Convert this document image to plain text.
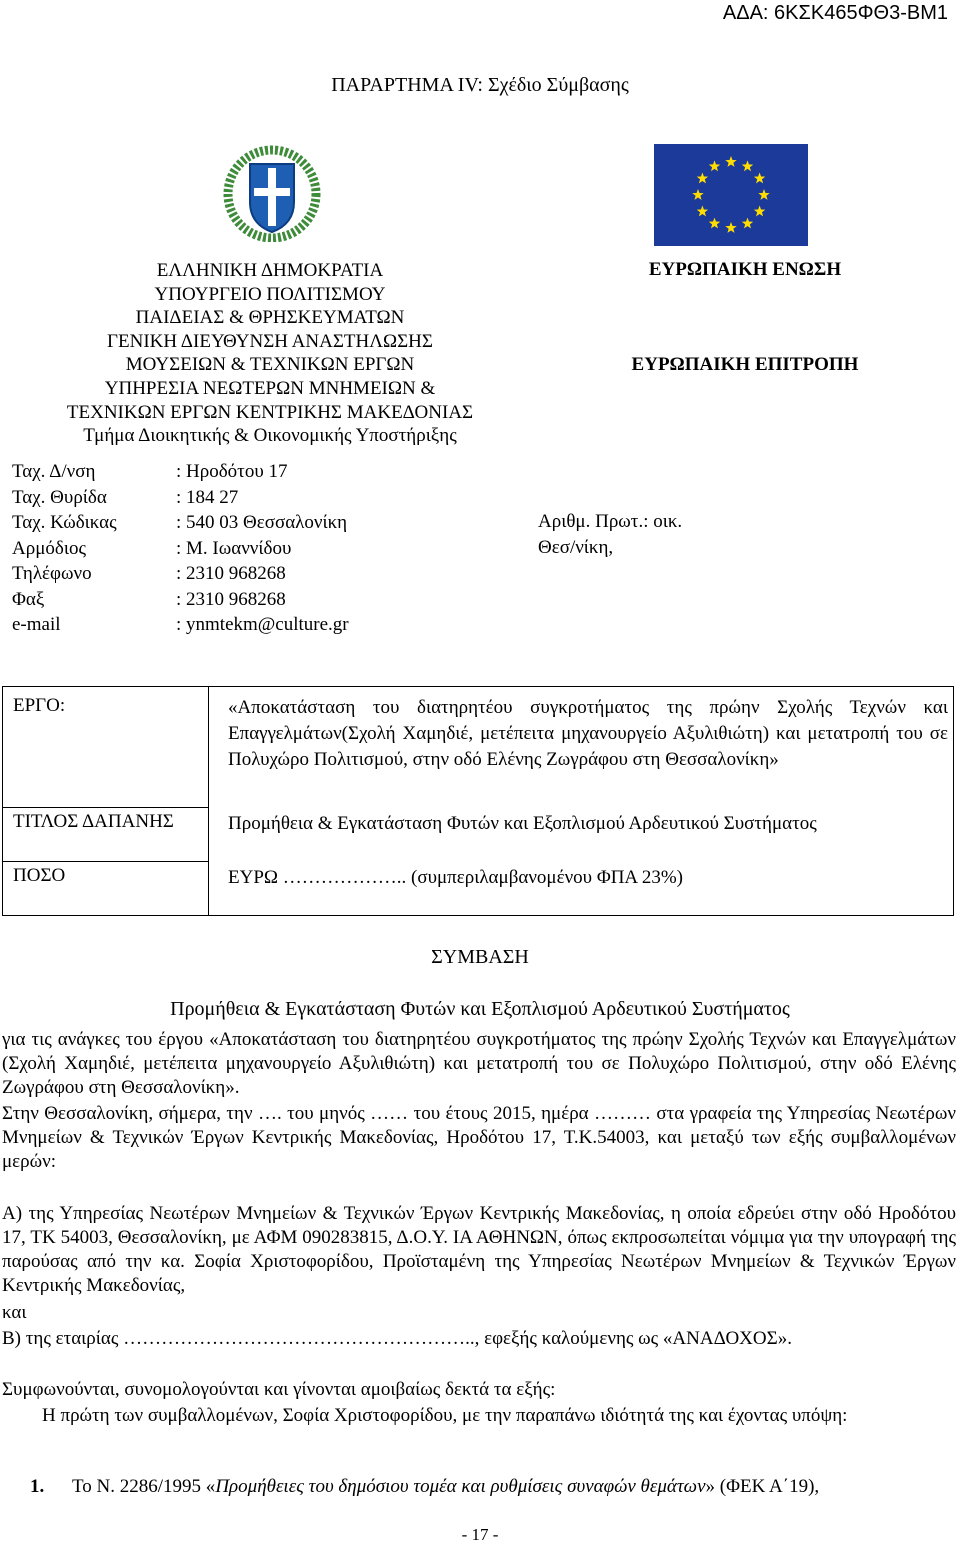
ΑΔΑ: 6ΚΣΚ465ΦΘ3-ΒΜ1
ΠΑΡΑΡΤΗΜΑ IV: Σχέδιο Σύμβασης
ΕΛΛΗΝΙΚΗ ΔΗΜΟΚΡΑΤΙΑ
ΥΠΟΥΡΓΕΙΟ ΠΟΛΙΤΙΣΜΟΥ
ΠΑΙΔΕΙΑΣ & ΘΡΗΣΚΕΥΜΑΤΩΝ
ΓΕΝΙΚΗ ΔΙΕΥΘΥΝΣΗ ΑΝΑΣΤΗΛΩΣΗΣ
ΜΟΥΣΕΙΩΝ & ΤΕΧΝΙΚΩΝ ΕΡΓΩΝ
ΥΠΗΡΕΣΙΑ ΝΕΩΤΕΡΩΝ ΜΝΗΜΕΙΩΝ &
ΤΕΧΝΙΚΩΝ ΕΡΓΩΝ ΚΕΝΤΡΙΚΗΣ ΜΑΚΕΔΟΝΙΑΣ
Τμήμα Διοικητικής & Οικονομικής Υποστήριξης
ΕΥΡΩΠΑΙΚΗ ΕΝΩΣΗ
ΕΥΡΩΠΑΙΚΗ ΕΠΙΤΡΟΠΗ
Ταχ. Δ/νση	: Ηροδότου 17
Ταχ. Θυρίδα	: 184 27
Ταχ. Κώδικας	: 540 03 Θεσσαλονίκη
Αρμόδιος	: Μ. Ιωαννίδου
Τηλέφωνο	: 2310 968268
Φαξ	: 2310 968268
e-mail	: ynmtekm@culture.gr
Αριθμ. Πρωτ.: οικ.
Θεσ/νίκη,
ΕΡΓΟ:	«Αποκατάσταση του διατηρητέου συγκροτήματος της πρώην Σχολής Τεχνών και Επαγγελμάτων(Σχολή Χαμηδιέ, μετέπειτα μηχανουργείο Αξυλιθιώτη) και μετατροπή του σε Πολυχώρο Πολιτισμού, στην οδό Ελένης Ζωγράφου στη Θεσσαλονίκη»
ΤΙΤΛΟΣ ΔΑΠΑΝΗΣ	Προμήθεια & Εγκατάσταση Φυτών και Εξοπλισμού Αρδευτικού Συστήματος
ΠΟΣΟ	ΕΥΡΩ ……………….. (συμπεριλαμβανομένου ΦΠΑ 23%)
ΣΥΜΒΑΣΗ
Προμήθεια & Εγκατάσταση Φυτών και Εξοπλισμού Αρδευτικού Συστήματος
για τις ανάγκες του έργου «Αποκατάσταση του διατηρητέου συγκροτήματος της πρώην Σχολής Τεχνών και Επαγγελμάτων (Σχολή Χαμηδιέ, μετέπειτα μηχανουργείο Αξυλιθιώτη) και μετατροπή του σε Πολυχώρο Πολιτισμού, στην οδό Ελένης Ζωγράφου στη Θεσσαλονίκη».
Στην Θεσσαλονίκη, σήμερα, την …. του μηνός …… του έτους 2015, ημέρα ……… στα γραφεία της Υπηρεσίας Νεωτέρων Μνημείων & Τεχνικών Έργων Κεντρικής Μακεδονίας, Ηροδότου 17, Τ.Κ.54003, και μεταξύ των εξής συμβαλλομένων μερών:
Α) της Υπηρεσίας Νεωτέρων Μνημείων & Τεχνικών Έργων Κεντρικής Μακεδονίας, η οποία εδρεύει στην οδό Ηροδότου 17, ΤΚ 54003, Θεσσαλονίκη, με ΑΦΜ 090283815, Δ.Ο.Υ. ΙΑ ΑΘΗΝΩΝ, όπως εκπροσωπείται νόμιμα για την υπογραφή της παρούσας από την κα. Σοφία Χριστοφορίδου, Προϊσταμένη της Υπηρεσίας Νεωτέρων Μνημείων & Τεχνικών Έργων Κεντρικής Μακεδονίας,
και
Β) της εταιρίας ……………………………………………….., εφεξής καλούμενης ως «ΑΝΑΔΟΧΟΣ».
Συμφωνούνται, συνομολογούνται και γίνονται αμοιβαίως δεκτά τα εξής:
Η πρώτη των συμβαλλομένων, Σοφία Χριστοφορίδου, με την παραπάνω ιδιότητά της και έχοντας υπόψη:
1. Το Ν. 2286/1995 «Προμήθειες του δημόσιου τομέα και ρυθμίσεις συναφών θεμάτων» (ΦΕΚ Α΄19),
- 17 -
